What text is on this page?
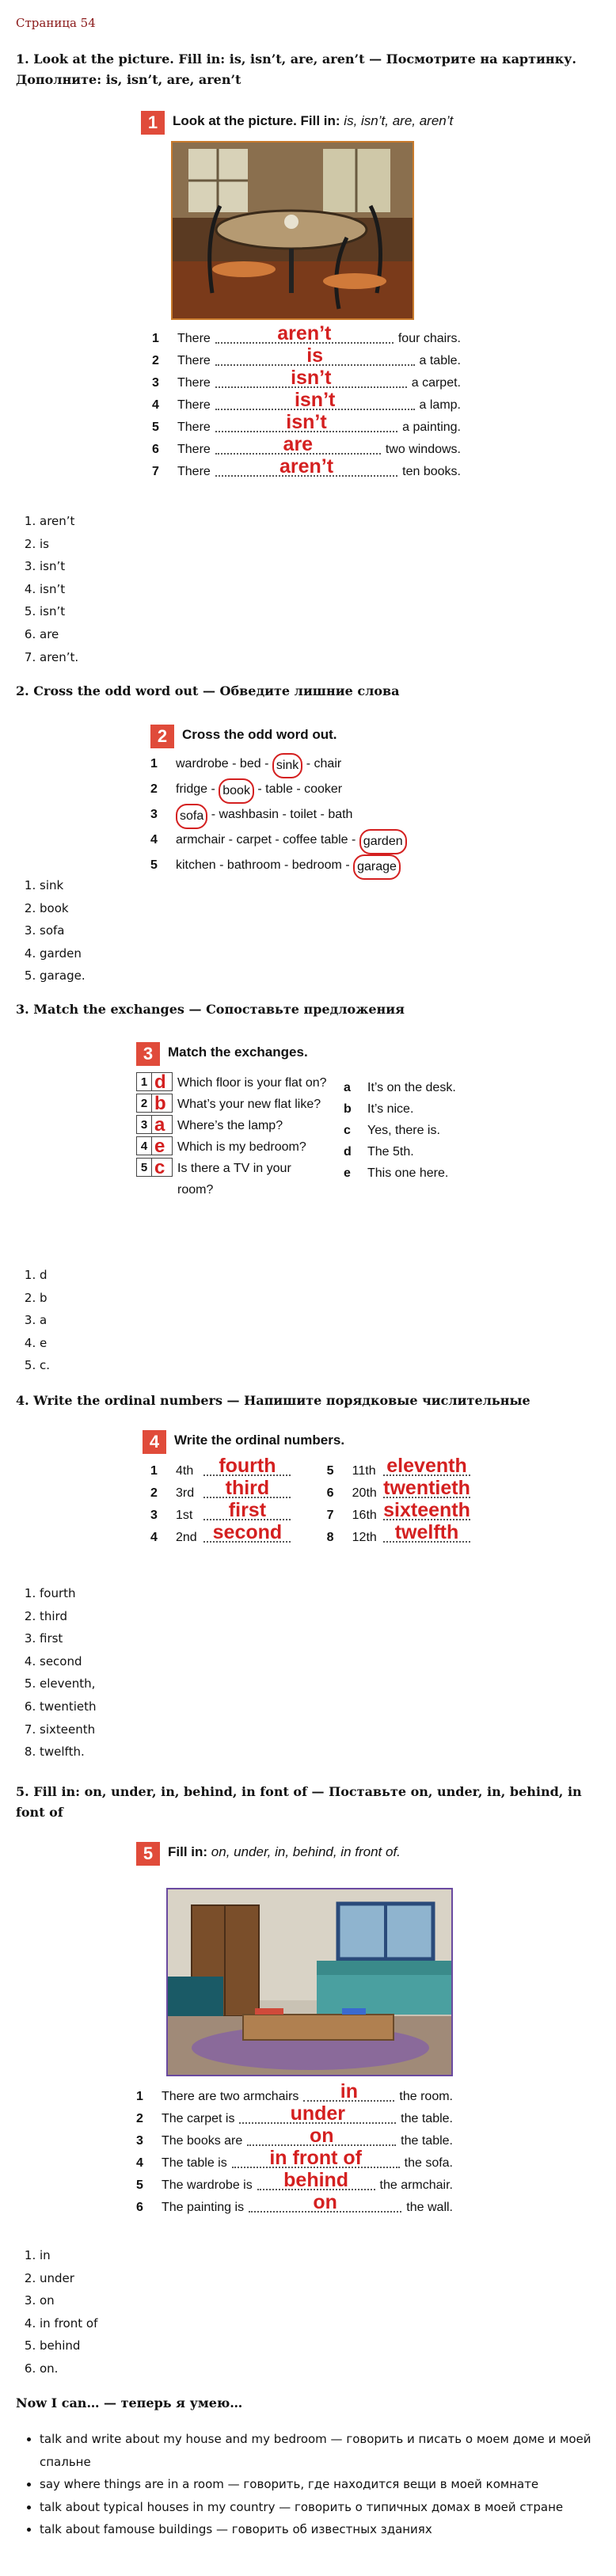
Страница 54
1. Look at the picture. Fill in: is, isn’t, are, aren’t — Посмотрите на картинку. Дополните: is, isn’t, are, aren’t
1	Look at the picture. Fill in: is, isn’t, are, aren’t
1	There	aren’t	four chairs.
2	There	is	a table.
3	There	isn’t	a carpet.
4	There	isn’t	a lamp.
5	There	isn’t	a painting.
6	There	are	two windows.
7	There	aren’t	ten books.
1. aren’t
2. is
3. isn’t
4. isn’t
5. isn’t
6. are
7. aren’t.
2. Cross the odd word out — Обведите лишние слова
2	Cross the odd word out.
1	wardrobe - bed - sink - chair
2	fridge - book - table - cooker
3	sofa - washbasin - toilet - bath
4	armchair - carpet - coffee table - garden
5	kitchen - bathroom - bedroom - garage
1. sink
2. book
3. sofa
4. garden
5. garage.
3. Match the exchanges — Сопоставьте предложения
3	Match the exchanges.
1 d Which floor is your flat on?
2 b What’s your new flat like?
3 a Where’s the lamp?
4 e Which is my bedroom?
5 c Is there a TV in your room?
a	It’s on the desk.
b	It’s nice.
c	Yes, there is.
d	The 5th.
e	This one here.
1. d
2. b
3. a
4. e
5. c.
4. Write the ordinal numbers — Напишите порядковые числительные
4	Write the ordinal numbers.
1	4th	fourth	5	11th eleventh
2	3rd	third	6	20th twentieth
3	1st	first	7	16th sixteenth
4	2nd second	8	12th twelfth
1. fourth
2. third
3. first
4. second
5. eleventh,
6. twentieth
7. sixteenth
8. twelfth.
5. Fill in: on, under, in, behind, in font of — Поставьте on, under, in, behind, in font of
5	Fill in: on, under, in, behind, in front of.
1	There are two armchairs	in	the room.
2	The carpet is	under	the table.
3	The books are	on	the table.
4	The table is	in front of	the sofa.
5	The wardrobe is	behind	the armchair.
6	The painting is	on	the wall.
1. in
2. under
3. on
4. in front of
5. behind
6. on.
Now I can… — теперь я умею…
• talk and write about my house and my bedroom — говорить и писать о моем доме и моей спальне
• say where things are in a room — говорить, где находится вещи в моей комнате
• talk about typical houses in my country — говорить о типичных домах в моей стране
• talk about famouse buildings — говорить об известных зданиях
